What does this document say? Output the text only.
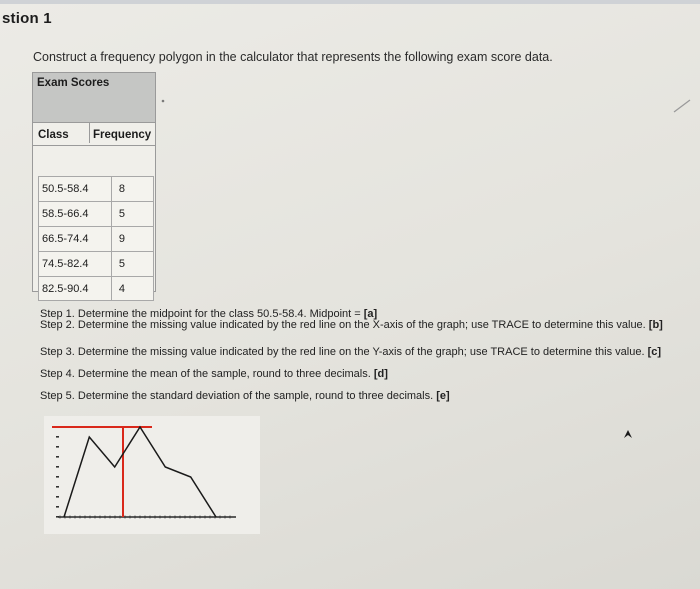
stion 1
Construct a frequency polygon in the calculator that represents the following exam score data.
Exam Scores
Class Frequency
50.5-58.4	8
58.5-66.4	5
66.5-74.4	9
74.5-82.4	5
82.5-90.4	4
Step 1. Determine the midpoint for the class 50.5-58.4. Midpoint = [a]
Step 2. Determine the missing value indicated by the red line on the X-axis of the graph; use TRACE to determine this value. [b]
Step 3. Determine the missing value indicated by the red line on the Y-axis of the graph; use TRACE to determine this value. [c]
Step 4. Determine the mean of the sample, round to three decimals. [d]
Step 5. Determine the standard deviation of the sample, round to three decimals. [e]
